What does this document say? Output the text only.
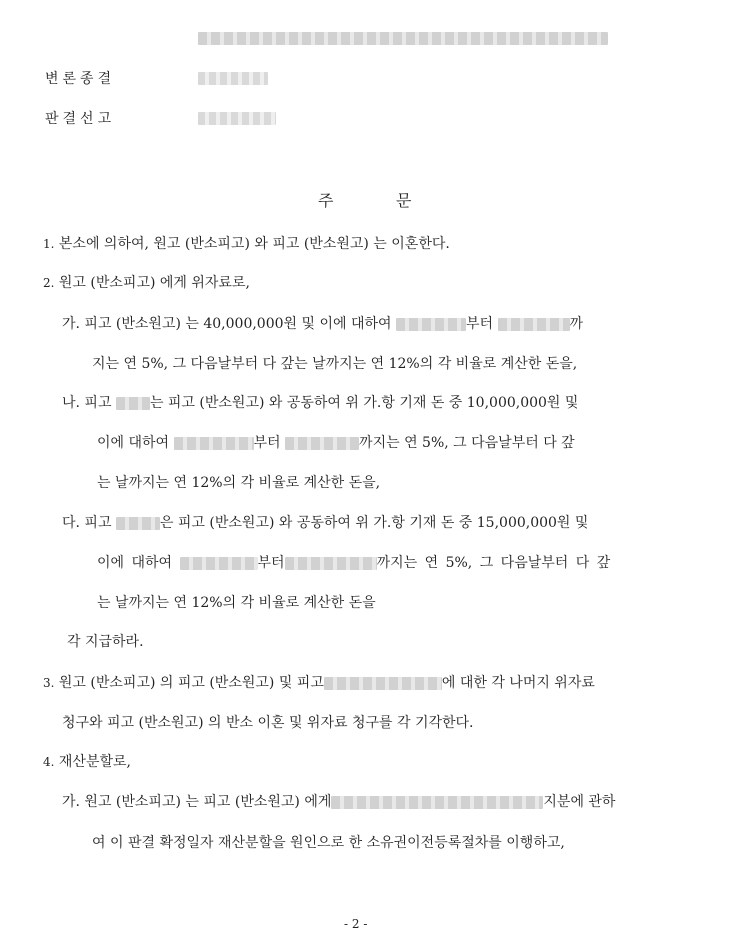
변론종결
판결선고
주	문
1. 본소에 의하여, 원고 (반소피고) 와 피고 (반소원고) 는 이혼한다.
2. 원고 (반소피고) 에게 위자료로,
가. 피고 (반소원고) 는 40,000,000원 및 이에 대하여	부터	까
지는 연 5%, 그 다음날부터 다 갚는 날까지는 연 12%의 각 비율로 계산한 돈을,
나. 피고	는 피고 (반소원고) 와 공동하여 위 가.항 기재 돈 중 10,000,000원 및
이에 대하여	부터	까지는 연 5%, 그 다음날부터 다 갚
는 날까지는 연 12%의 각 비율로 계산한 돈을,
다. 피고	은 피고 (반소원고) 와 공동하여 위 가.항 기재 돈 중 15,000,000원 및
이에 대하여	부터	까지는 연 5%, 그 다음날부터 다 갚
는 날까지는 연 12%의 각 비율로 계산한 돈을
각 지급하라.
3. 원고 (반소피고) 의 피고 (반소원고) 및 피고	에 대한 각 나머지 위자료
청구와 피고 (반소원고) 의 반소 이혼 및 위자료 청구를 각 기각한다.
4. 재산분할로,
가. 원고 (반소피고) 는 피고 (반소원고) 에게	지분에 관하
여 이 판결 확정일자 재산분할을 원인으로 한 소유권이전등록절차를 이행하고,
- 2 -
